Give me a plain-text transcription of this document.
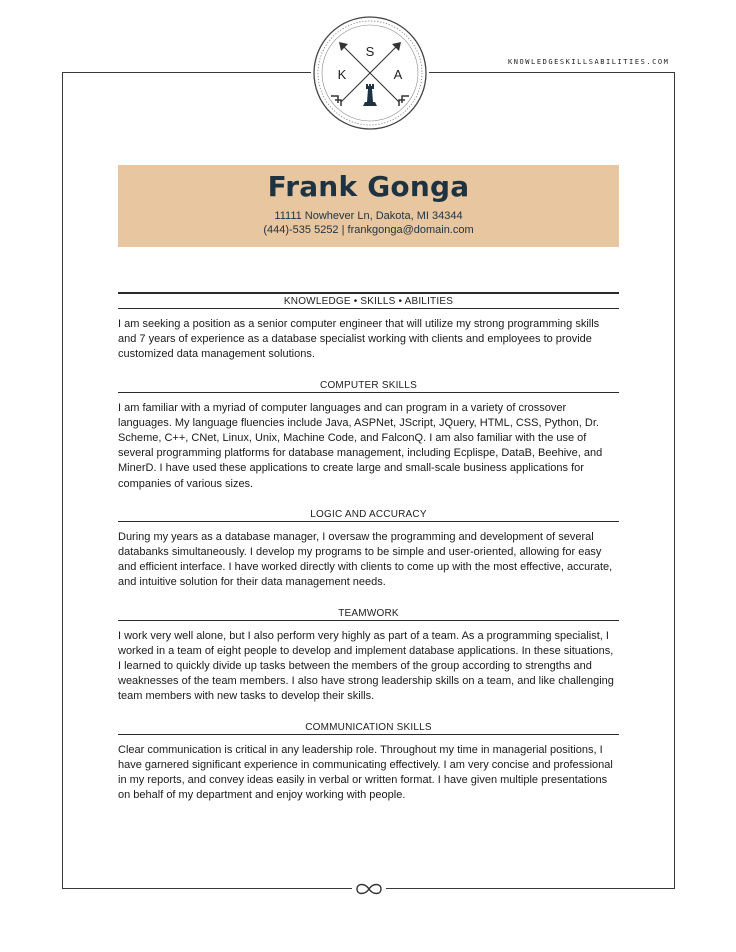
S
K	A
KNOWLEDGESKILLSABILITIES.COM
Frank Gonga
11111 Nowhever Ln, Dakota, MI 34344
(444)-535 5252 | frankgonga@domain.com
KNOWLEDGE • SKILLS • ABILITIES

I am seeking a position as a senior computer engineer that will utilize my strong programming skills and 7 years of experience as a database specialist working with clients and employees to provide customized data management solutions.

COMPUTER SKILLS

I am familiar with a myriad of computer languages and can program in a variety of crossover languages. My language fluencies include Java, ASPNet, JScript, JQuery, HTML, CSS, Python, Dr. Scheme, C++, CNet, Linux, Unix, Machine Code, and FalconQ. I am also familiar with the use of several programming platforms for database management, including Ecplispe, DataB, Beehive, and MinerD. I have used these applications to create large and small-scale business applications for companies of various sizes.

LOGIC AND ACCURACY

During my years as a database manager, I oversaw the programming and development of several databanks simultaneously. I develop my programs to be simple and user-oriented, allowing for easy and efficient interface. I have worked directly with clients to come up with the most effective, accurate, and intuitive solution for their data management needs.

TEAMWORK

I work very well alone, but I also perform very highly as part of a team. As a programming specialist, I worked in a team of eight people to develop and implement database applications. In these situations, I learned to quickly divide up tasks between the members of the group according to strengths and weaknesses of the team members. I also have strong leadership skills on a team, and like challenging team members with new tasks to develop their skills.

COMMUNICATION SKILLS

Clear communication is critical in any leadership role. Throughout my time in managerial positions, I have garnered significant experience in communicating effectively. I am very concise and professional in my reports, and convey ideas easily in verbal or written format. I have given multiple presentations on behalf of my department and enjoy working with people.
